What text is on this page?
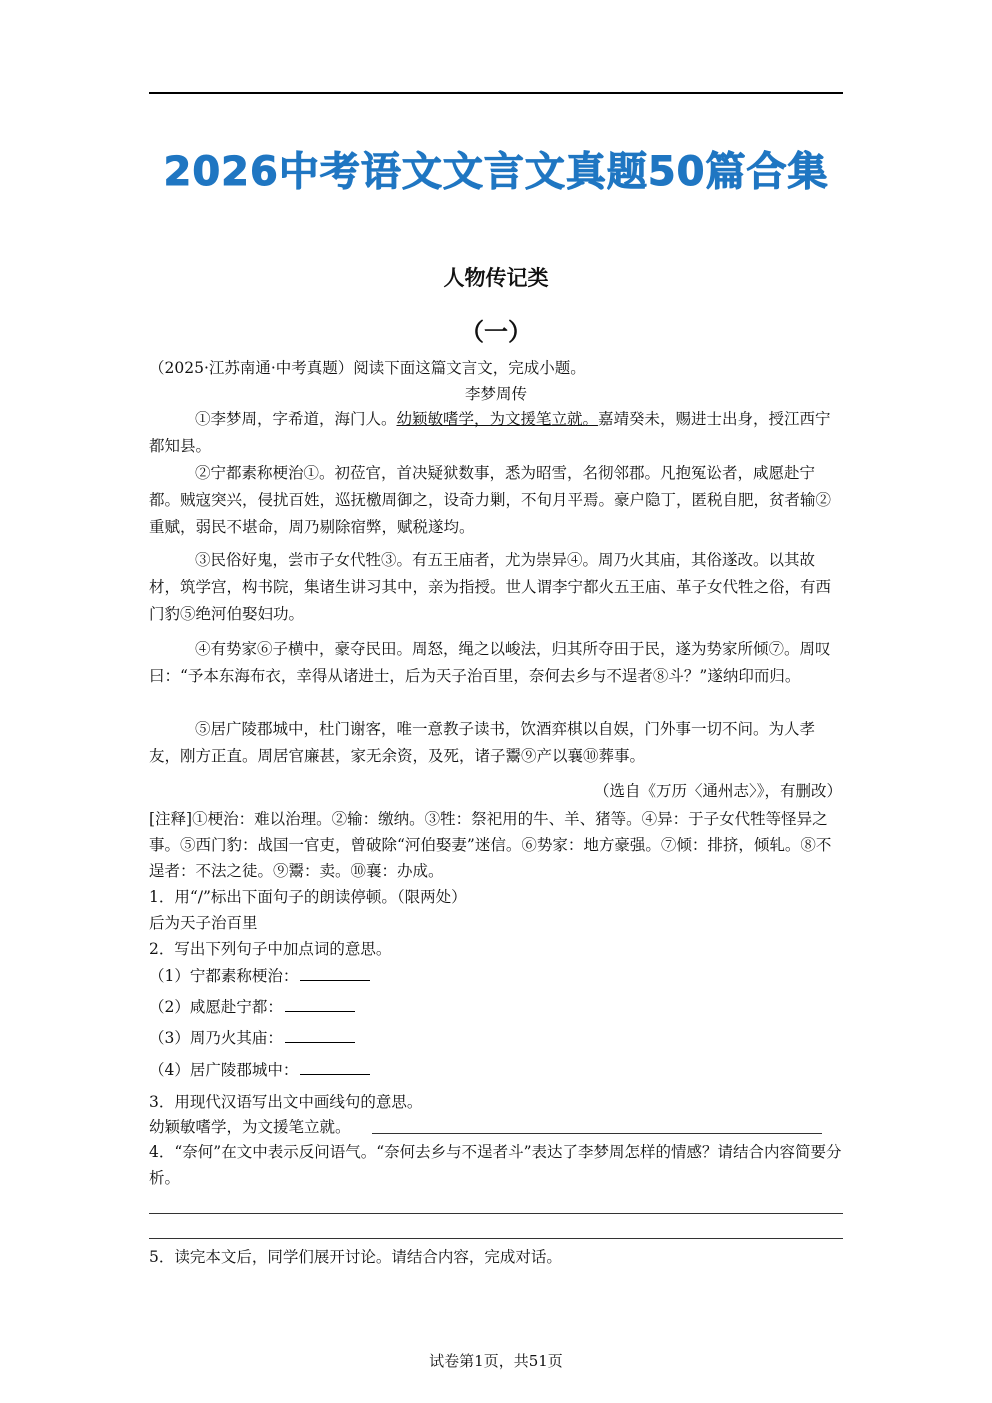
2026中考语文文言文真题50篇合集
人物传记类
（一）
（2025·江苏南通·中考真题）阅读下面这篇文言文，完成小题。
李梦周传
①李梦周，字希道，海门人。幼颖敏嗜学，为文援笔立就。嘉靖癸未，赐进士出身，授江西宁都知县。
②宁都素称梗治①。初莅官，首决疑狱数事，悉为昭雪，名彻邻郡。凡抱冤讼者，咸愿赴宁都。贼寇突兴，侵扰百姓，巡抚檄周御之，设奇力剿，不旬月平焉。豪户隐丁，匿税自肥，贫者输②重赋，弱民不堪命，周乃剔除宿弊，赋税遂均。
③民俗好鬼，尝市子女代牲③。有五王庙者，尤为崇异④。周乃火其庙，其俗遂改。以其故材，筑学宫，构书院，集诸生讲习其中，亲为指授。世人谓李宁都火五王庙、革子女代牲之俗，有西门豹⑤绝河伯娶妇功。
④有势家⑥子横中，豪夺民田。周怒，绳之以峻法，归其所夺田于民，遂为势家所倾⑦。周叹曰：“予本东海布衣，幸得从诸进士，后为天子治百里，奈何去乡与不逞者⑧斗？”遂纳印而归。
⑤居广陵郡城中，杜门谢客，唯一意教子读书，饮酒弈棋以自娱，门外事一切不问。为人孝友，刚方正直。周居官廉甚，家无余资，及死，诸子鬻⑨产以襄⑩葬事。
（选自《万历〈通州志〉》，有删改）
[注释]①梗治：难以治理。②输：缴纳。③牲：祭祀用的牛、羊、猪等。④异：于子女代牲等怪异之事。⑤西门豹：战国一官吏，曾破除“河伯娶妻”迷信。⑥势家：地方豪强。⑦倾：排挤，倾轧。⑧不逞者：不法之徒。⑨鬻：卖。⑩襄：办成。
1．用“/”标出下面句子的朗读停顿。（限两处）
后为天子治百里
2．写出下列句子中加点词的意思。
（1）宁都素称梗治：
（2）咸愿赴宁都：
（3）周乃火其庙：
（4）居广陵郡城中：
3．用现代汉语写出文中画线句的意思。
幼颖敏嗜学，为文援笔立就。
4．“奈何”在文中表示反问语气。“奈何去乡与不逞者斗”表达了李梦周怎样的情感？请结合内容简要分析。
5．读完本文后，同学们展开讨论。请结合内容，完成对话。
试卷第1页，共51页
